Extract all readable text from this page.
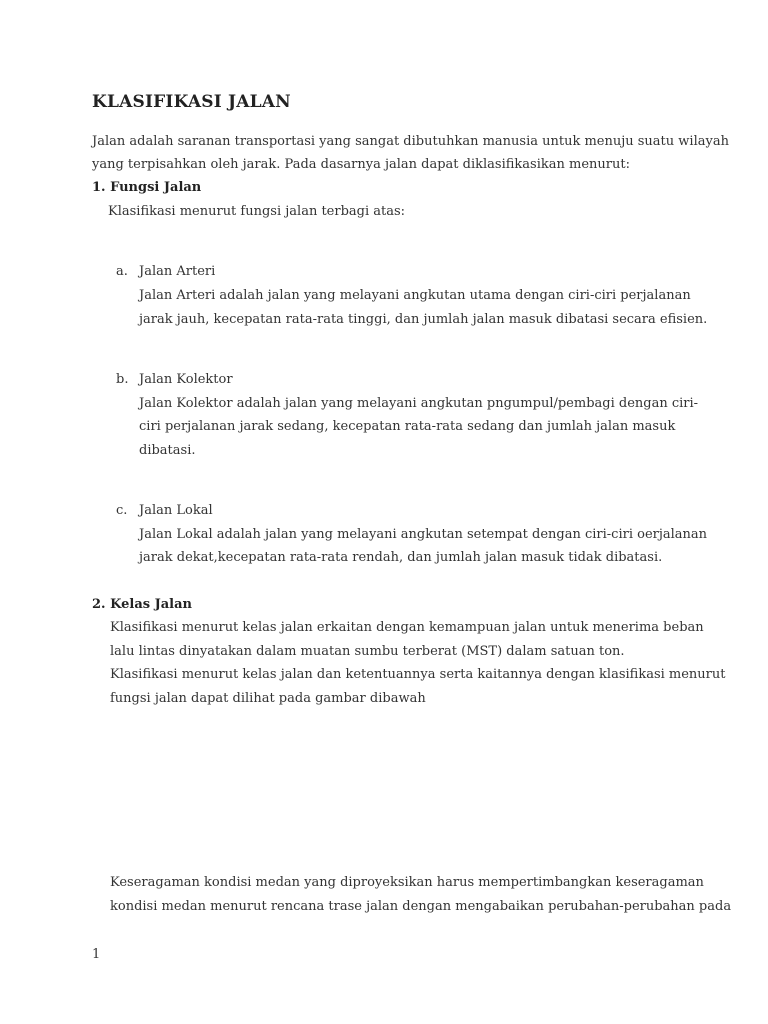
KLASIFIKASI JALAN
Jalan adalah saranan transportasi yang sangat dibutuhkan manusia untuk menuju suatu wilayah
yang terpisahkan oleh jarak. Pada dasarnya jalan dapat diklasifikasikan menurut:
1. Fungsi Jalan
Klasifikasi menurut fungsi jalan terbagi atas:
a. Jalan Arteri
Jalan Arteri adalah jalan yang melayani angkutan utama dengan ciri-ciri perjalanan
jarak jauh, kecepatan rata-rata tinggi, dan jumlah jalan masuk dibatasi secara efisien.
b. Jalan Kolektor
Jalan Kolektor adalah jalan yang melayani angkutan pngumpul/pembagi dengan ciri-
ciri perjalanan jarak sedang, kecepatan rata-rata sedang dan jumlah jalan masuk
dibatasi.
c. Jalan Lokal
Jalan Lokal adalah jalan yang melayani angkutan setempat dengan ciri-ciri oerjalanan
jarak dekat,kecepatan rata-rata rendah, dan jumlah jalan masuk tidak dibatasi.
2. Kelas Jalan
Klasifikasi menurut kelas jalan erkaitan dengan kemampuan jalan untuk menerima beban
lalu lintas dinyatakan dalam muatan sumbu terberat (MST) dalam satuan ton.
Klasifikasi menurut kelas jalan dan ketentuannya serta kaitannya dengan klasifikasi menurut
fungsi jalan dapat dilihat pada gambar dibawah
Keseragaman kondisi medan yang diproyeksikan harus mempertimbangkan keseragaman
kondisi medan menurut rencana trase jalan dengan mengabaikan perubahan-perubahan pada
1
